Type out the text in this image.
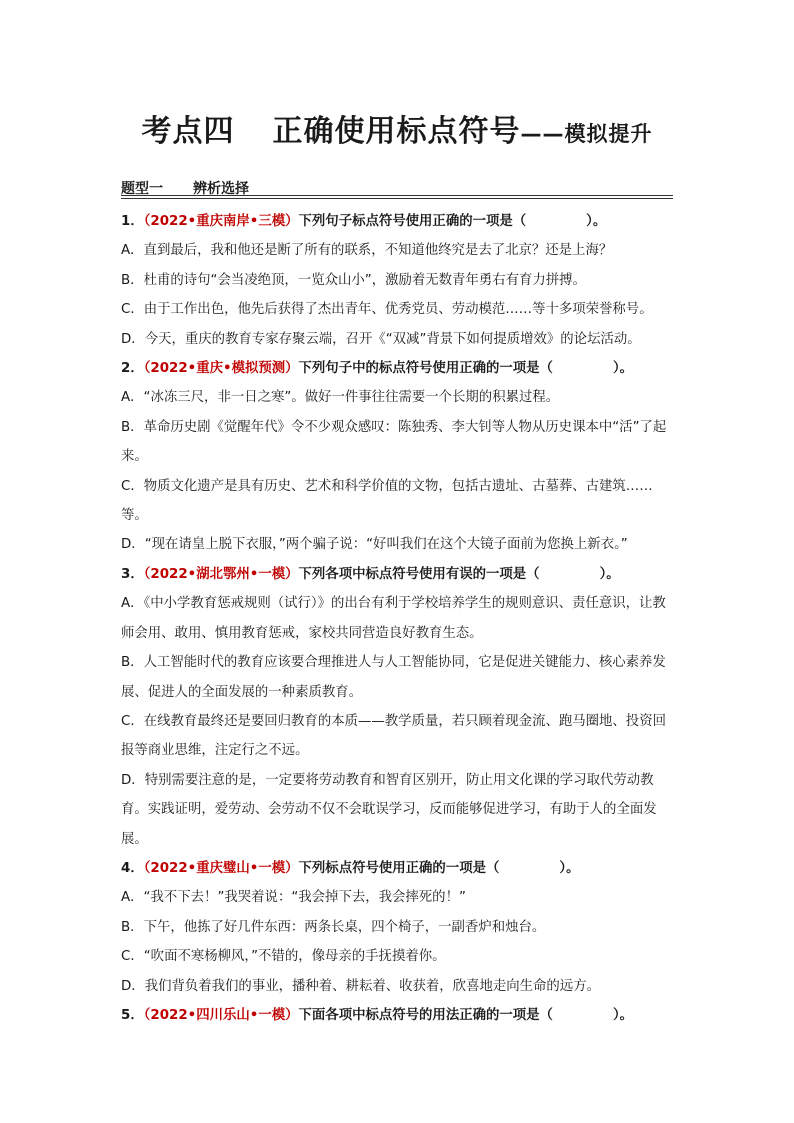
考点四 正确使用标点符号——模拟提升
题型一 辨析选择
1．（2022•重庆南岸•三模）下列句子标点符号使用正确的一项是（	）。
A．直到最后，我和他还是断了所有的联系，不知道他终究是去了北京？还是上海？
B．杜甫的诗句“会当凌绝顶，一览众山小”，激励着无数青年勇右有育力拼搏。
C．由于工作出色，他先后获得了杰出青年、优秀党员、劳动模范……等十多项荣誉称号。
D．今天，重庆的教育专家存聚云端，召开《“双减”背景下如何提质增效》的论坛活动。
2．（2022•重庆•模拟预测）下列句子中的标点符号使用正确的一项是（	）。
A．“冰冻三尺，非一日之寒”。做好一件事往往需要一个长期的积累过程。
B．革命历史剧《觉醒年代》令不少观众感叹：陈独秀、李大钊等人物从历史课本中“活”了起来。
C．物质文化遗产是具有历史、艺术和科学价值的文物，包括古遗址、古墓葬、古建筑……等。
D．“现在请皇上脱下衣服，”两个骗子说：“好叫我们在这个大镜子面前为您换上新衣。”
3．（2022•湖北鄂州•一模）下列各项中标点符号使用有误的一项是（	）。
A．《中小学教育惩戒规则（试行）》的出台有利于学校培养学生的规则意识、责任意识，让教师会用、敢用、慎用教育惩戒，家校共同营造良好教育生态。
B．人工智能时代的教育应该要合理推进人与人工智能协同，它是促进关键能力、核心素养发展、促进人的全面发展的一种素质教育。
C．在线教育最终还是要回归教育的本质——教学质量，若只顾着现金流、跑马圈地、投资回报等商业思维，注定行之不远。
D．特别需要注意的是，一定要将劳动教育和智育区别开，防止用文化课的学习取代劳动教育。实践证明，爱劳动、会劳动不仅不会耽误学习，反而能够促进学习，有助于人的全面发展。
4．（2022•重庆璧山•一模）下列标点符号使用正确的一项是（	）。
A．“我不下去！”我哭着说：“我会掉下去，我会摔死的！”
B．下午，他拣了好几件东西：两条长桌，四个椅子，一副香炉和烛台。
C．“吹面不寒杨柳风，”不错的，像母亲的手抚摸着你。
D．我们背负着我们的事业，播种着、耕耘着、收获着，欣喜地走向生命的远方。
5．（2022•四川乐山•一模）下面各项中标点符号的用法正确的一项是（	）。
